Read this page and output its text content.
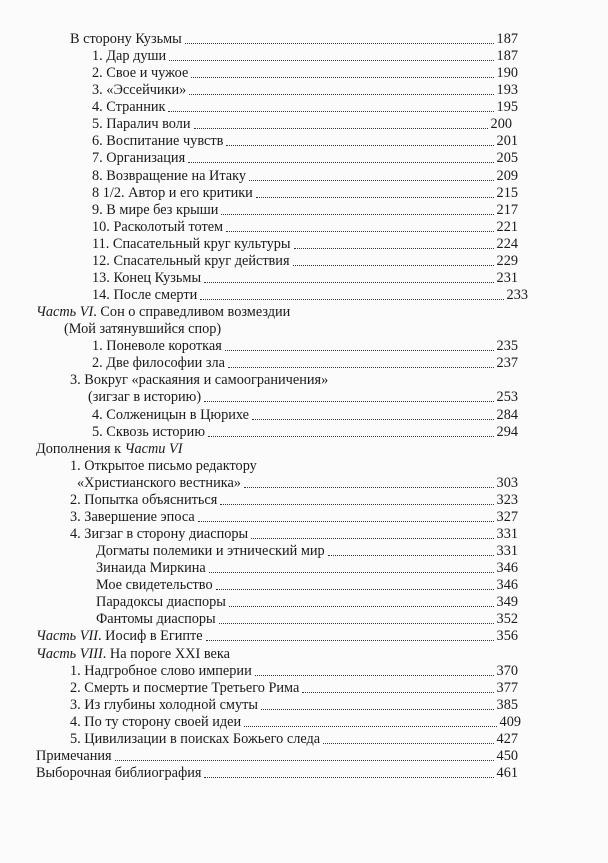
В сторону Кузьмы	187
1. Дар души	187
2. Свое и чужое	190
3. «Эссейчики»	193
4. Странник	195
5. Паралич воли	200
6. Воспитание чувств	201
7. Организация	205
8. Возвращение на Итаку	209
8 1/2. Автор и его критики	215
9. В мире без крыши	217
10. Расколотый тотем	221
11. Спасательный круг культуры	224
12. Спасательный круг действия	229
13. Конец Кузьмы	231
14. После смерти	233
Часть VI. Сон о справедливом возмездии
(Мой затянувшийся спор)
1. Поневоле короткая	235
2. Две философии зла	237
3. Вокруг «раскаяния и самоограничения»
(зигзаг в историю)	253
4. Солженицын в Цюрихе	284
5. Сквозь историю	294
Дополнения к Части VI
1. Открытое письмо редактору
«Христианского вестника»	303
2. Попытка объясниться	323
3. Завершение эпоса	327
4. Зигзаг в сторону диаспоры	331
Догматы полемики и этнический мир	331
Зинаида Миркина	346
Мое свидетельство	346
Парадоксы диаспоры	349
Фантомы диаспоры	352
Часть VII. Иосиф в Египте	356
Часть VIII. На пороге XXI века
1. Надгробное слово империи	370
2. Смерть и посмертие Третьего Рима	377
3. Из глубины холодной смуты	385
4. По ту сторону своей идеи	409
5. Цивилизации в поисках Божьего следа	427
Примечания	450
Выборочная библиография	461
